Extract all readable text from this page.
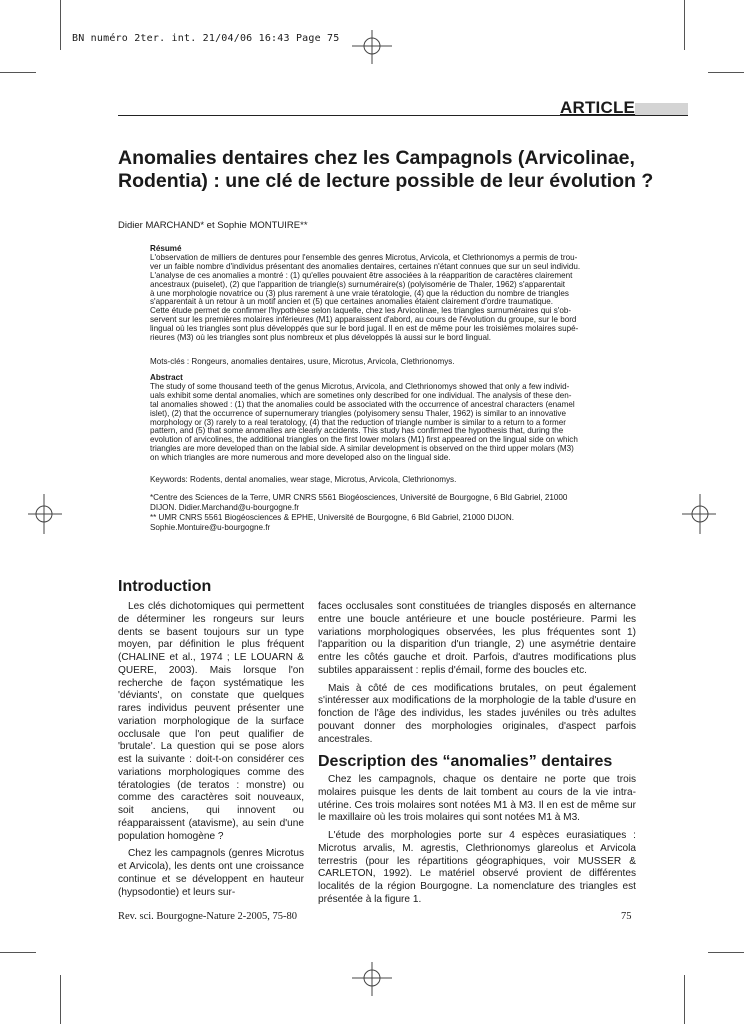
BN numéro 2ter. int. 21/04/06 16:43 Page 75
ARTICLE
Anomalies dentaires chez les Campagnols (Arvicolinae, Rodentia) : une clé de lecture possible de leur évolution ?
Didier MARCHAND* et Sophie MONTUIRE**

Résumé

L'observation de milliers de dentures pour l'ensemble des genres Microtus, Arvicola, et Clethrionomys a permis de trou-

ver un faible nombre d'individus présentant des anomalies dentaires, certaines n'étant connues que sur un seul individu.

L'analyse de ces anomalies a montré : (1) qu'elles pouvaient être associées à la réapparition de caractères clairement

ancestraux (puiselet), (2) que l'apparition de triangle(s) surnuméraire(s) (polyisomérie de Thaler, 1962) s'apparentait

à une morphologie novatrice ou (3) plus rarement à une vraie tératologie, (4) que la réduction du nombre de triangles

s'apparentait à un retour à un motif ancien et (5) que certaines anomalies étaient clairement d'ordre traumatique.

Cette étude permet de confirmer l'hypothèse selon laquelle, chez les Arvicolinae, les triangles surnuméraires qui s'ob-

servent sur les premières molaires inférieures (M1) apparaissent d'abord, au cours de l'évolution du groupe, sur le bord

lingual où les triangles sont plus développés que sur le bord jugal. Il en est de même pour les troisièmes molaires supé-

rieures (M3) où les triangles sont plus nombreux et plus développés là aussi sur le bord lingual.

Mots-clés : Rongeurs, anomalies dentaires, usure, Microtus, Arvicola, Clethrionomys.

Abstract

The study of some thousand teeth of the genus Microtus, Arvicola, and Clethrionomys showed that only a few individ-

uals exhibit some dental anomalies, which are sometines only described for one individual. The analysis of these den-

tal anomalies showed : (1) that the anomalies could be associated with the occurrence of ancestral characters (enamel

islet), (2) that the occurrence of supernumerary triangles (polyisomery sensu Thaler, 1962) is similar to an innovative

morphology or (3) rarely to a real teratology, (4) that the reduction of triangle number is similar to a return to a former

pattern, and (5) that some anomalies are clearly accidents. This study has confirmed the hypothesis that, during the

evolution of arvicolines, the additional triangles on the first lower molars (M1) first appeared on the lingual side on which

triangles are more developed than on the labial side. A similar development is observed on the third upper molars (M3)

on which triangles are more numerous and more developed also on the lingual side.

Keywords: Rodents, dental anomalies, wear stage, Microtus, Arvicola, Clethrionomys.

*Centre des Sciences de la Terre, UMR CNRS 5561 Biogéosciences, Université de Bourgogne, 6 Bld Gabriel, 21000

DIJON. Didier.Marchand@u-bourgogne.fr

** UMR CNRS 5561 Biogéosciences & EPHE, Université de Bourgogne, 6 Bld Gabriel, 21000 DIJON.

Sophie.Montuire@u-bourgogne.fr

Introduction

Les clés dichotomiques qui permettent de déterminer les rongeurs sur leurs dents se basent toujours sur un type moyen, par définition le plus fréquent (CHALINE et al., 1974 ; LE LOUARN & QUERE, 2003). Mais lorsque l'on recherche de façon systématique les 'déviants', on constate que quelques rares individus peuvent présenter une variation morphologique de la surface occlusale que l'on peut qualifier de 'brutale'. La question qui se pose alors est la suivante : doit-t-on considérer ces variations morphologiques comme des tératologies (de teratos : monstre) ou comme des caractères soit nouveaux, soit anciens, qui innovent ou réapparaissent (atavisme), au sein d'une population homogène ?

Chez les campagnols (genres Microtus et Arvicola), les dents ont une croissance continue et se développent en hauteur (hypsodontie) et leurs sur-

faces occlusales sont constituées de triangles disposés en alternance entre une boucle antérieure et une boucle postérieure. Parmi les variations morphologiques observées, les plus fréquentes sont 1) l'apparition ou la disparition d'un triangle, 2) une asymétrie dentaire entre les côtés gauche et droit. Parfois, d'autres modifications plus subtiles apparaissent : replis d'émail, forme des boucles etc.

Mais à côté de ces modifications brutales, on peut également s'intéresser aux modifications de la morphologie de la table d'usure en fonction de l'âge des individus, les stades juvéniles ou très adultes pouvant donner des morphologies originales, d'aspect parfois ancestrales.

Description des “anomalies” dentaires

Chez les campagnols, chaque os dentaire ne porte que trois molaires puisque les dents de lait tombent au cours de la vie intra-utérine. Ces trois molaires sont notées M1 à M3. Il en est de même sur le maxillaire où les trois molaires qui sont notées M1 à M3.

L'étude des morphologies porte sur 4 espèces eurasiatiques : Microtus arvalis, M. agrestis, Clethrionomys glareolus et Arvicola terrestris (pour les répartitions géographiques, voir MUSSER & CARLETON, 1992). Le matériel observé provient de différentes localités de la région Bourgogne. La nomenclature des triangles est présentée à la figure 1.

Rev. sci. Bourgogne-Nature 2-2005, 75-80	75
